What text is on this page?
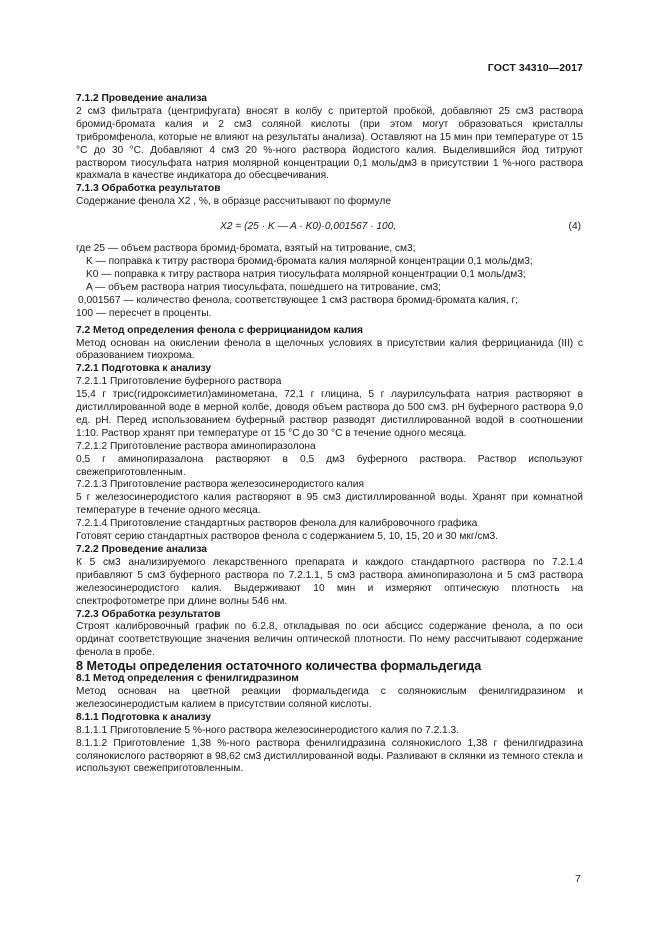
ГОСТ 34310—2017

7.1.2 Проведение анализа

2 см3 фильтрата (центрифугата) вносят в колбу с притертой пробкой, добавляют 25 см3 раствора бромид-бромата калия и 2 см3 соляной кислоты (при этом могут образоваться кристаллы трибромфенола, которые не влияют на результаты анализа). Оставляют на 15 мин при температуре от 15 °С до 30 °С. Добавляют 4 см3 20 %-ного раствора йодистого калия. Выделившийся йод титруют раствором тиосульфата натрия молярной концентрации 0,1 моль/дм3 в присутствии 1 %-ного раствора крахмала в качестве индикатора до обесцвечивания.

7.1.3 Обработка результатов

Содержание фенола Х2 , %, в образце рассчитывают по формуле

X2 = (25 · K — A · K0)·0,001567 · 100,	(4)

где 25 — объем раствора бромид-бромата, взятый на титрование, см3;

K — поправка к титру раствора бромид-бромата калия молярной концентрации 0,1 моль/дм3;

K0 — поправка к титру раствора натрия тиосульфата молярной концентрации 0,1 моль/дм3;

A — объем раствора натрия тиосульфата, пошедшего на титрование, см3;

0,001567 — количество фенола, соответствующее 1 см3 раствора бромид-бромата калия, г;

100 — пересчет в проценты.

7.2 Метод определения фенола с феррицианидом калия

Метод основан на окислении фенола в щелочных условиях в присутствии калия феррицианида (III) с образованием тиохрома.

7.2.1 Подготовка к анализу

7.2.1.1 Приготовление буферного раствора

15,4 г трис(гидроксиметил)аминометана, 72,1 г глицина, 5 г лаурилсульфата натрия растворяют в дистиллированной воде в мерной колбе, доводя объем раствора до 500 см3. рН буферного раствора 9,0 ед. рН. Перед использованием буферный раствор разводят дистиллированной водой в соотношении 1:10. Раствор хранят при температуре от 15 °С до 30 °С в течение одного месяца.

7.2.1.2 Приготовление раствора аминопиразолона

0,5 г аминопиразалона растворяют в 0,5 дм3 буферного раствора. Раствор используют свежеприготовленным.

7.2.1.3 Приготовление раствора железосинеродистого калия

5 г железосинеродистого калия растворяют в 95 см3 дистиллированной воды. Хранят при комнатной температуре в течение одного месяца.

7.2.1.4 Приготовление стандартных растворов фенола для калибровочного графика

Готовят серию стандартных растворов фенола с содержанием 5, 10, 15, 20 и 30 мкг/см3.

7.2.2 Проведение анализа

К 5 см3 анализируемого лекарственного препарата и каждого стандартного раствора по 7.2.1.4 прибавляют 5 см3 буферного раствора по 7.2.1.1, 5 см3 раствора аминопиразолона и 5 см3 раствора железосинеродистого калия. Выдерживают 10 мин и измеряют оптическую плотность на спектрофотометре при длине волны 546 нм.

7.2.3 Обработка результатов

Строят калибровочный график по 6.2.8, откладывая по оси абсцисс содержание фенола, а по оси ординат соответствующие значения величин оптической плотности. По нему рассчитывают содержание фенола в пробе.

8 Методы определения остаточного количества формальдегида

8.1 Метод определения с фенилгидразином

Метод основан на цветной реакции формальдегида с солянокислым фенилгидразином и железосинеродистым калием в присутствии соляной кислоты.

8.1.1 Подготовка к анализу

8.1.1.1 Приготовление 5 %-ного раствора железосинеродистого калия по 7.2.1.3.

8.1.1.2 Приготовление 1,38 %-ного раствора фенилгидразина солянокислого 1,38 г фенилгидразина солянокислого растворяют в 98,62 см3 дистиллированной воды. Разливают в склянки из темного стекла и используют свежеприготовленным.

7
